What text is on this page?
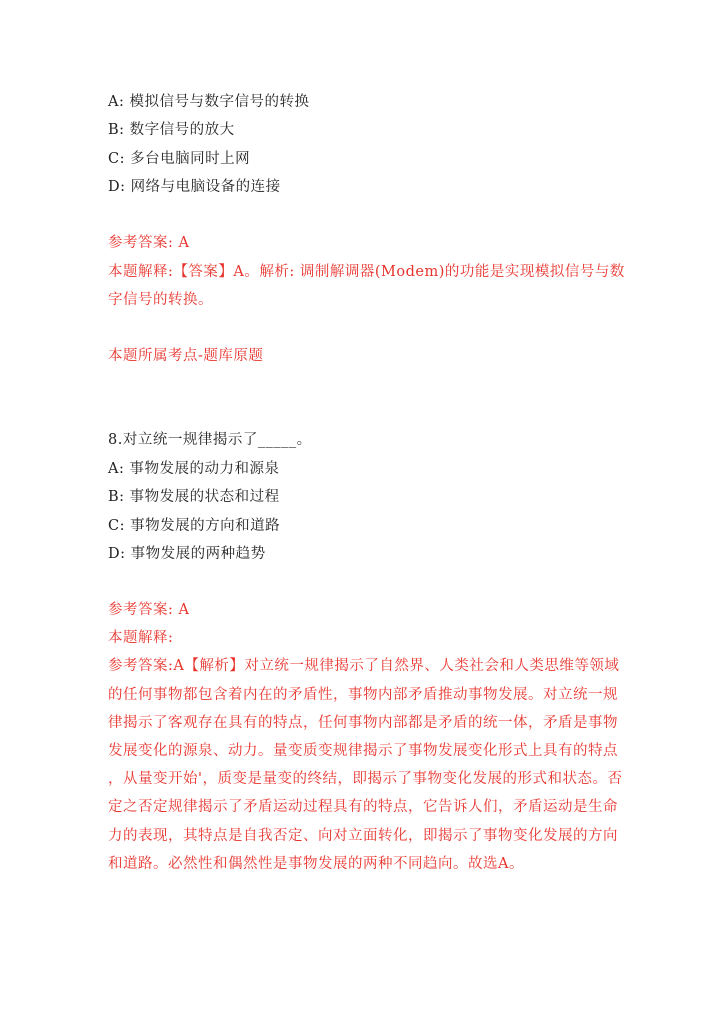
A: 模拟信号与数字信号的转换
B: 数字信号的放大
C: 多台电脑同时上网
D: 网络与电脑设备的连接
参考答案: A
本题解释:【答案】A。解析: 调制解调器(Modem)的功能是实现模拟信号与数
字信号的转换。
本题所属考点-题库原题
8.对立统一规律揭示了_____。
A: 事物发展的动力和源泉
B: 事物发展的状态和过程
C: 事物发展的方向和道路
D: 事物发展的两种趋势
参考答案: A
本题解释:
参考答案:A【解析】对立统一规律揭示了自然界、人类社会和人类思维等领域
的任何事物都包含着内在的矛盾性，事物内部矛盾推动事物发展。对立统一规
律揭示了客观存在具有的特点，任何事物内部都是矛盾的统一体，矛盾是事物
发展变化的源泉、动力。量变质变规律揭示了事物发展变化形式上具有的特点
，从量变开始'，质变是量变的终结，即揭示了事物变化发展的形式和状态。否
定之否定规律揭示了矛盾运动过程具有的特点，它告诉人们，矛盾运动是生命
力的表现，其特点是自我否定、向对立面转化，即揭示了事物变化发展的方向
和道路。必然性和偶然性是事物发展的两种不同趋向。故选A。
